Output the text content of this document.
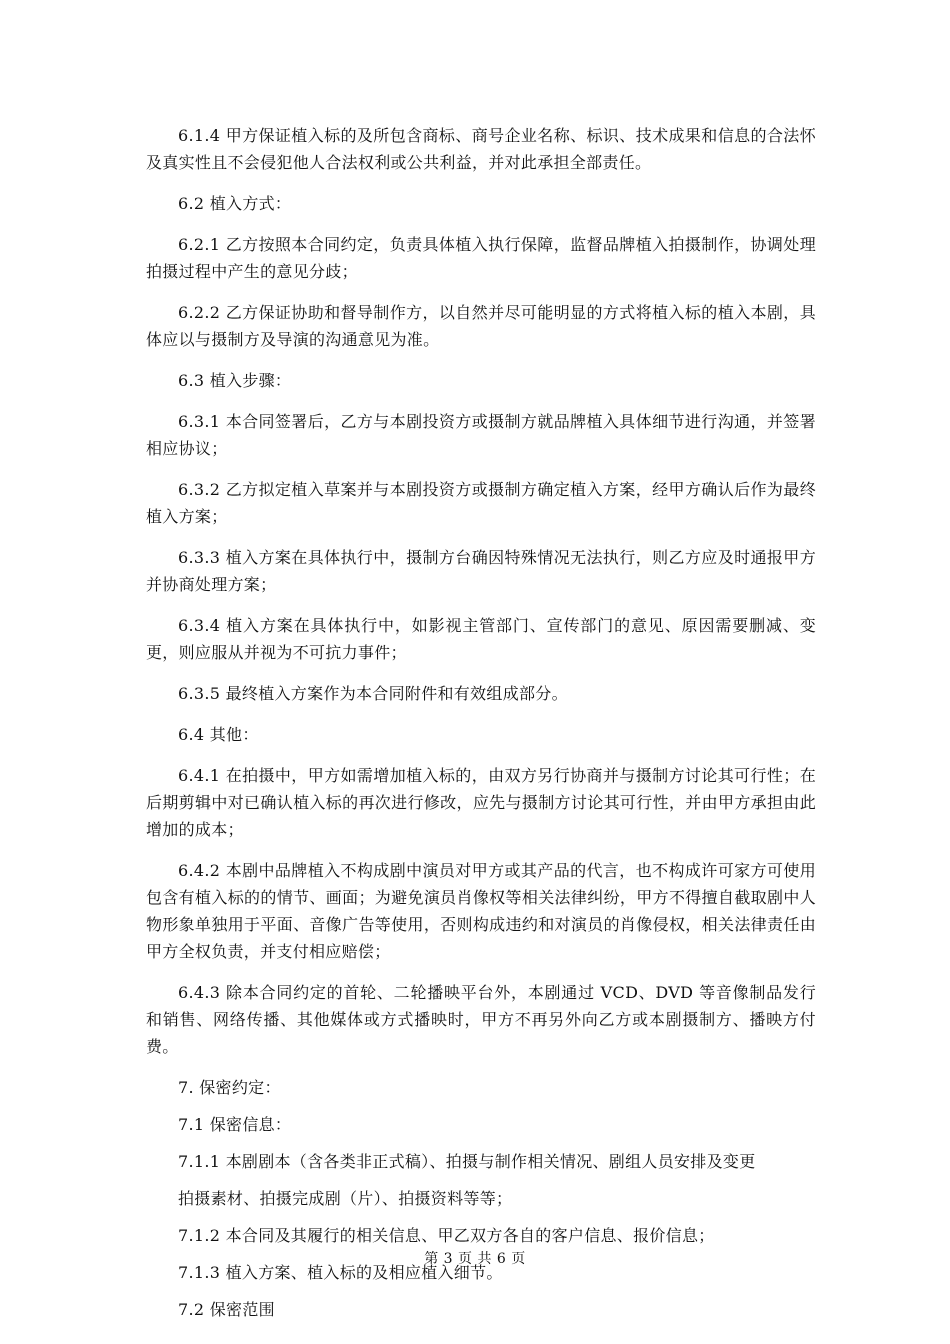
6.1.4 甲方保证植入标的及所包含商标、商号企业名称、标识、技术成果和信息的合法怀及真实性且不会侵犯他人合法权利或公共利益，并对此承担全部责任。

6.2 植入方式：

6.2.1 乙方按照本合同约定，负责具体植入执行保障，监督品牌植入拍摄制作，协调处理拍摄过程中产生的意见分歧；

6.2.2 乙方保证协助和督导制作方，以自然并尽可能明显的方式将植入标的植入本剧，具体应以与摄制方及导演的沟通意见为准。

6.3 植入步骤：

6.3.1 本合同签署后，乙方与本剧投资方或摄制方就品牌植入具体细节进行沟通，并签署相应协议；

6.3.2 乙方拟定植入草案并与本剧投资方或摄制方确定植入方案，经甲方确认后作为最终植入方案；

6.3.3 植入方案在具体执行中，摄制方台确因特殊情况无法执行，则乙方应及时通报甲方并协商处理方案；

6.3.4 植入方案在具体执行中，如影视主管部门、宣传部门的意见、原因需要删减、变更，则应服从并视为不可抗力事件；

6.3.5 最终植入方案作为本合同附件和有效组成部分。

6.4 其他：

6.4.1 在拍摄中，甲方如需增加植入标的，由双方另行协商并与摄制方讨论其可行性；在后期剪辑中对已确认植入标的再次进行修改，应先与摄制方讨论其可行性，并由甲方承担由此增加的成本；

6.4.2 本剧中品牌植入不构成剧中演员对甲方或其产品的代言，也不构成许可家方可使用包含有植入标的的情节、画面；为避免演员肖像权等相关法律纠纷，甲方不得擅自截取剧中人物形象单独用于平面、音像广告等使用，否则构成违约和对演员的肖像侵权，相关法律责任由甲方全权负责，并支付相应赔偿；

6.4.3 除本合同约定的首轮、二轮播映平台外，本剧通过 VCD、DVD 等音像制品发行和销售、网络传播、其他媒体或方式播映时，甲方不再另外向乙方或本剧摄制方、播映方付费。

7. 保密约定：

7.1 保密信息：

7.1.1 本剧剧本（含各类非正式稿）、拍摄与制作相关情况、剧组人员安排及变更

拍摄素材、拍摄完成剧（片）、拍摄资料等等；

7.1.2 本合同及其履行的相关信息、甲乙双方各自的客户信息、报价信息；

7.1.3 植入方案、植入标的及相应植入细节。

7.2 保密范围

第 3 页 共 6 页
